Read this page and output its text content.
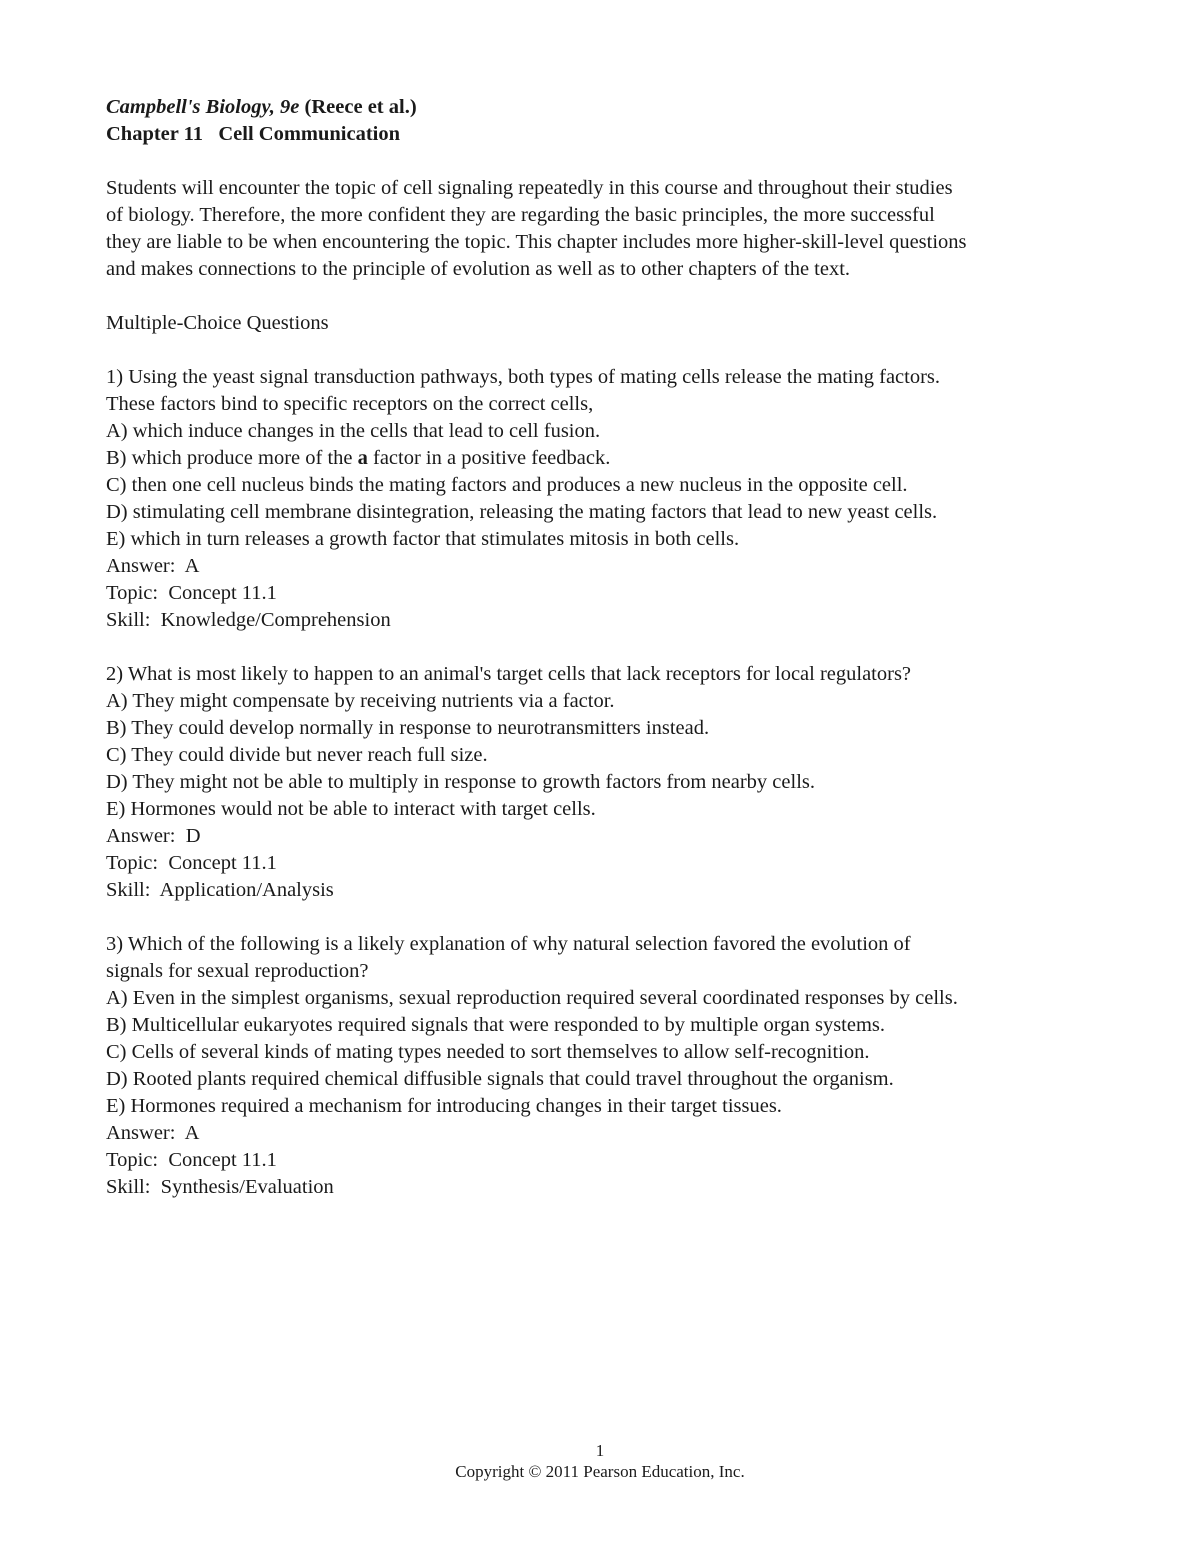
Campbell's Biology, 9e (Reece et al.)
Chapter 11   Cell Communication
Students will encounter the topic of cell signaling repeatedly in this course and throughout their studies
of biology. Therefore, the more confident they are regarding the basic principles, the more successful
they are liable to be when encountering the topic. This chapter includes more higher-skill-level questions
and makes connections to the principle of evolution as well as to other chapters of the text.
Multiple-Choice Questions
1) Using the yeast signal transduction pathways, both types of mating cells release the mating factors.
These factors bind to specific receptors on the correct cells,
A) which induce changes in the cells that lead to cell fusion.
B) which produce more of the a factor in a positive feedback.
C) then one cell nucleus binds the mating factors and produces a new nucleus in the opposite cell.
D) stimulating cell membrane disintegration, releasing the mating factors that lead to new yeast cells.
E) which in turn releases a growth factor that stimulates mitosis in both cells.
Answer:  A
Topic:  Concept 11.1
Skill:  Knowledge/Comprehension
2) What is most likely to happen to an animal's target cells that lack receptors for local regulators?
A) They might compensate by receiving nutrients via a factor.
B) They could develop normally in response to neurotransmitters instead.
C) They could divide but never reach full size.
D) They might not be able to multiply in response to growth factors from nearby cells.
E) Hormones would not be able to interact with target cells.
Answer:  D
Topic:  Concept 11.1
Skill:  Application/Analysis
3) Which of the following is a likely explanation of why natural selection favored the evolution of
signals for sexual reproduction?
A) Even in the simplest organisms, sexual reproduction required several coordinated responses by cells.
B) Multicellular eukaryotes required signals that were responded to by multiple organ systems.
C) Cells of several kinds of mating types needed to sort themselves to allow self-recognition.
D) Rooted plants required chemical diffusible signals that could travel throughout the organism.
E) Hormones required a mechanism for introducing changes in their target tissues.
Answer:  A
Topic:  Concept 11.1
Skill:  Synthesis/Evaluation
1
Copyright © 2011 Pearson Education, Inc.
